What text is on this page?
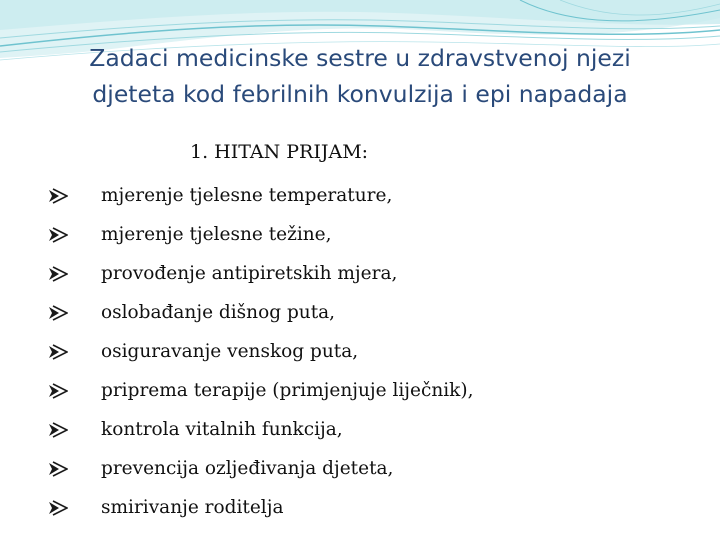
Zadaci medicinske sestre u zdravstvenoj njezi
djeteta kod febrilnih konvulzija i epi napadaja
1. HITAN PRIJAM:
mjerenje tjelesne temperature,
mjerenje tjelesne težine,
provođenje antipiretskih mjera,
oslobađanje dišnog puta,
osiguravanje venskog puta,
priprema terapije (primjenjuje liječnik),
kontrola vitalnih funkcija,
prevencija ozljeđivanja djeteta,
smirivanje roditelja
